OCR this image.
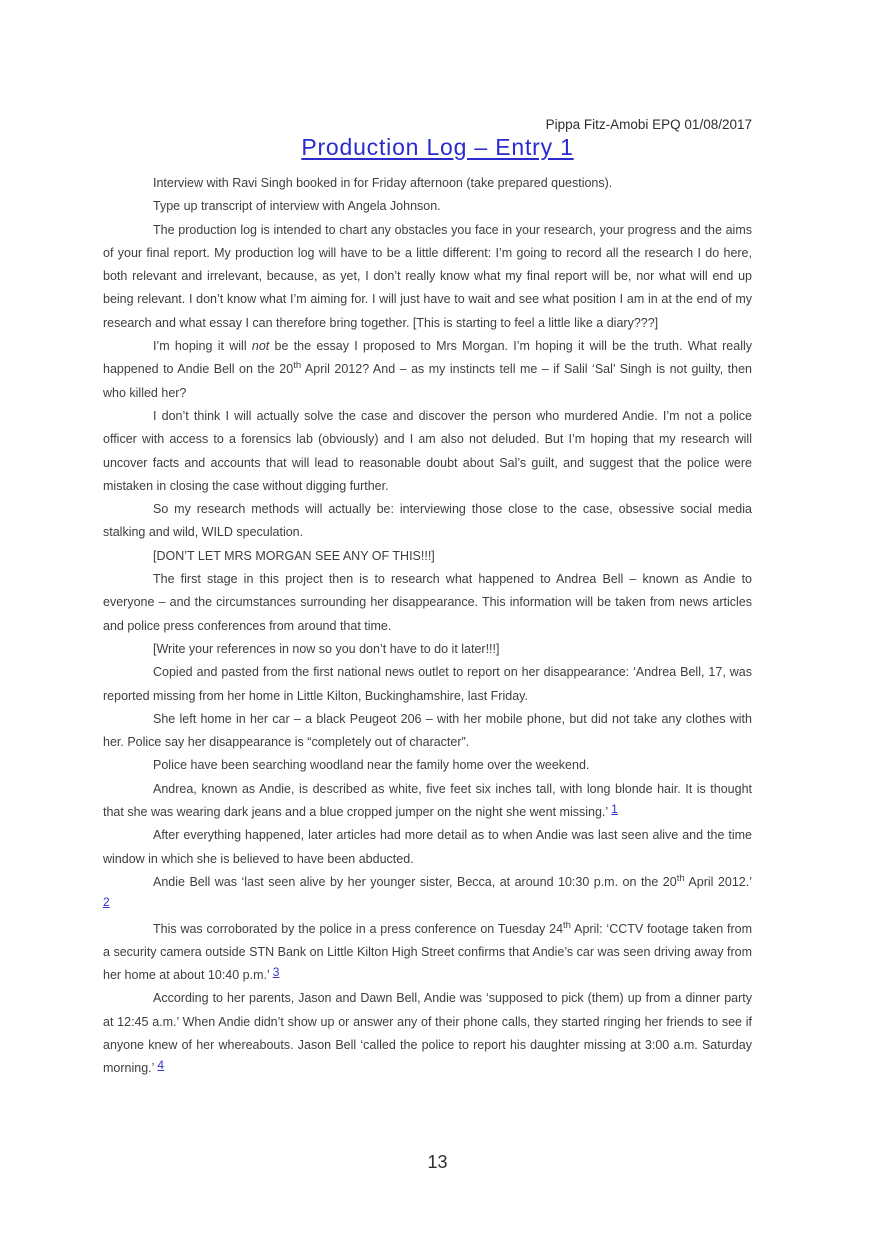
Pippa Fitz-Amobi EPQ 01/08/2017
Production Log – Entry 1

Interview with Ravi Singh booked in for Friday afternoon (take prepared questions).

Type up transcript of interview with Angela Johnson.

The production log is intended to chart any obstacles you face in your research, your progress and the aims of your final report. My production log will have to be a little different: I’m going to record all the research I do here, both relevant and irrelevant, because, as yet, I don’t really know what my final report will be, nor what will end up being relevant. I don’t know what I’m aiming for. I will just have to wait and see what position I am in at the end of my research and what essay I can therefore bring together. [This is starting to feel a little like a diary???]

I’m hoping it will not be the essay I proposed to Mrs Morgan. I’m hoping it will be the truth. What really happened to Andie Bell on the 20th April 2012? And – as my instincts tell me – if Salil ‘Sal’ Singh is not guilty, then who killed her?

I don’t think I will actually solve the case and discover the person who murdered Andie. I’m not a police officer with access to a forensics lab (obviously) and I am also not deluded. But I’m hoping that my research will uncover facts and accounts that will lead to reasonable doubt about Sal’s guilt, and suggest that the police were mistaken in closing the case without digging further.

So my research methods will actually be: interviewing those close to the case, obsessive social media stalking and wild, WILD speculation.

[DON’T LET MRS MORGAN SEE ANY OF THIS!!!]

The first stage in this project then is to research what happened to Andrea Bell – known as Andie to everyone – and the circumstances surrounding her disappearance. This information will be taken from news articles and police press conferences from around that time.

[Write your references in now so you don’t have to do it later!!!]

Copied and pasted from the first national news outlet to report on her disappearance: ‘Andrea Bell, 17, was reported missing from her home in Little Kilton, Buckinghamshire, last Friday.

She left home in her car – a black Peugeot 206 – with her mobile phone, but did not take any clothes with her. Police say her disappearance is “completely out of character”.

Police have been searching woodland near the family home over the weekend.

Andrea, known as Andie, is described as white, five feet six inches tall, with long blonde hair. It is thought that she was wearing dark jeans and a blue cropped jumper on the night she went missing.’ 1

After everything happened, later articles had more detail as to when Andie was last seen alive and the time window in which she is believed to have been abducted.

Andie Bell was ‘last seen alive by her younger sister, Becca, at around 10:30 p.m. on the 20th April 2012.’

2

This was corroborated by the police in a press conference on Tuesday 24th April: ‘CCTV footage taken from a security camera outside STN Bank on Little Kilton High Street confirms that Andie’s car was seen driving away from her home at about 10:40 p.m.’ 3

According to her parents, Jason and Dawn Bell, Andie was ‘supposed to pick (them) up from a dinner party at 12:45 a.m.’ When Andie didn’t show up or answer any of their phone calls, they started ringing her friends to see if anyone knew of her whereabouts. Jason Bell ‘called the police to report his daughter missing at 3:00 a.m. Saturday morning.’ 4

13
